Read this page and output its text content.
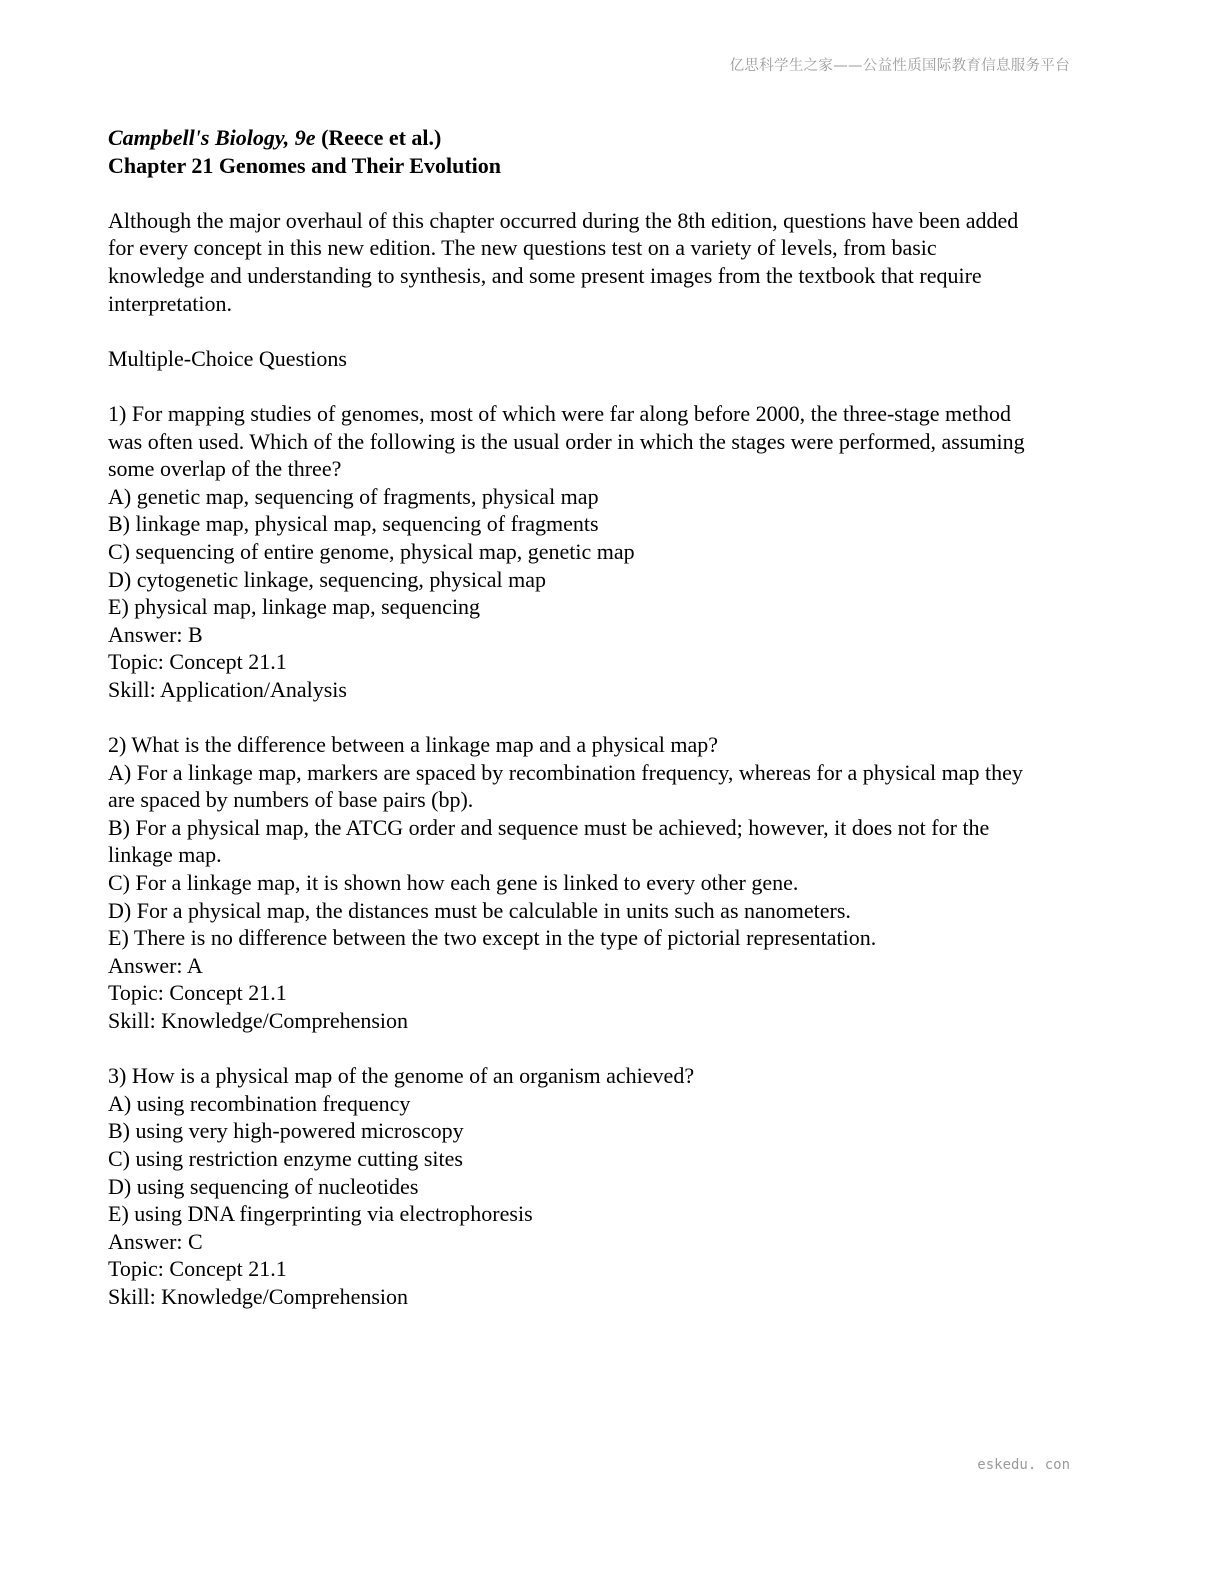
亿思科学生之家——公益性质国际教育信息服务平台
Campbell's Biology, 9e (Reece et al.)
Chapter 21 Genomes and Their Evolution
Although the major overhaul of this chapter occurred during the 8th edition, questions have been added
for every concept in this new edition. The new questions test on a variety of levels, from basic
knowledge and understanding to synthesis, and some present images from the textbook that require
interpretation.
Multiple-Choice Questions
1) For mapping studies of genomes, most of which were far along before 2000, the three-stage method
was often used. Which of the following is the usual order in which the stages were performed, assuming
some overlap of the three?
A) genetic map, sequencing of fragments, physical map
B) linkage map, physical map, sequencing of fragments
C) sequencing of entire genome, physical map, genetic map
D) cytogenetic linkage, sequencing, physical map
E) physical map, linkage map, sequencing
Answer: B
Topic: Concept 21.1
Skill: Application/Analysis
2) What is the difference between a linkage map and a physical map?
A) For a linkage map, markers are spaced by recombination frequency, whereas for a physical map they
are spaced by numbers of base pairs (bp).
B) For a physical map, the ATCG order and sequence must be achieved; however, it does not for the
linkage map.
C) For a linkage map, it is shown how each gene is linked to every other gene.
D) For a physical map, the distances must be calculable in units such as nanometers.
E) There is no difference between the two except in the type of pictorial representation.
Answer: A
Topic: Concept 21.1
Skill: Knowledge/Comprehension
3) How is a physical map of the genome of an organism achieved?
A) using recombination frequency
B) using very high-powered microscopy
C) using restriction enzyme cutting sites
D) using sequencing of nucleotides
E) using DNA fingerprinting via electrophoresis
Answer: C
Topic: Concept 21.1
Skill: Knowledge/Comprehension
eskedu. con
